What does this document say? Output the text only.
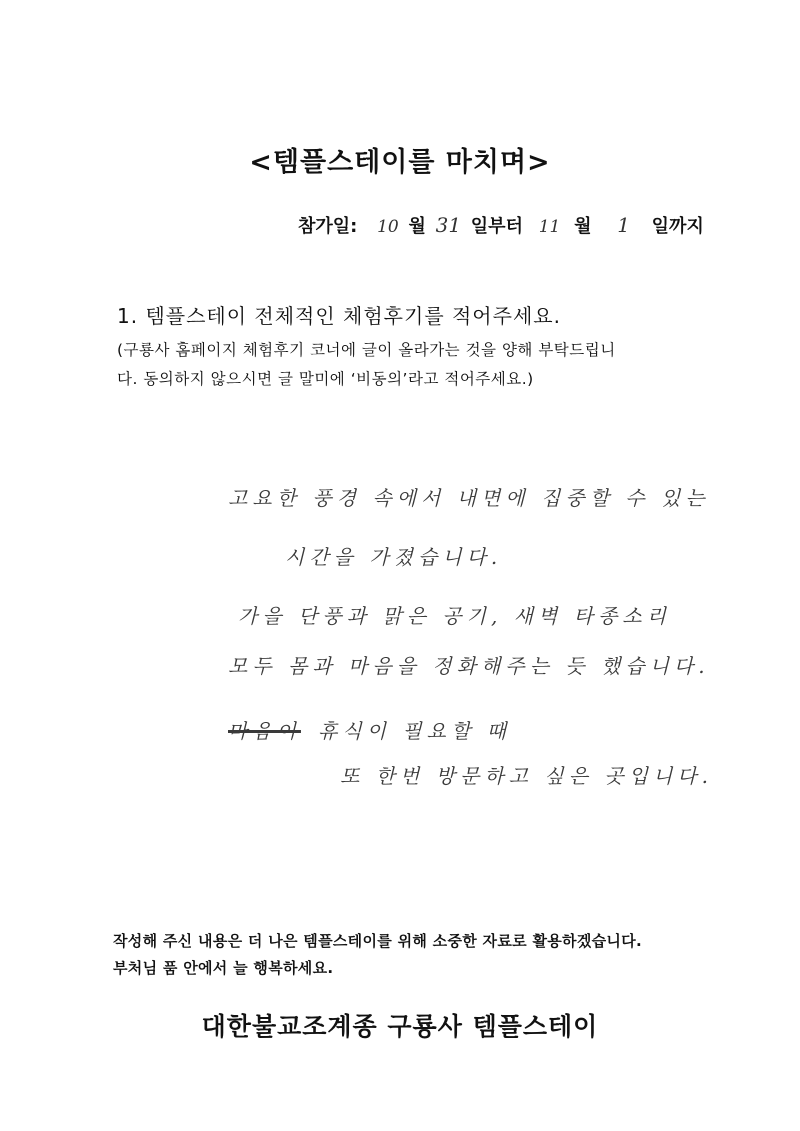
<템플스테이를 마치며>
참가일: 10 월 31 일부터 11 월 1 일까지
1. 템플스테이 전체적인 체험후기를 적어주세요.
(구룡사 홈페이지 체험후기 코너에 글이 올라가는 것을 양해 부탁드립니
다. 동의하지 않으시면 글 말미에 ‘비동의’라고 적어주세요.)
고요한 풍경 속에서 내면에 집중할 수 있는
시간을 가졌습니다.
가을 단풍과 맑은 공기, 새벽 타종소리
모두 몸과 마음을 정화해주는 듯 했습니다.
마음이 휴식이 필요할 때
또 한번 방문하고 싶은 곳입니다.
작성해 주신 내용은 더 나은 템플스테이를 위해 소중한 자료로 활용하겠습니다.
부처님 품 안에서 늘 행복하세요.
대한불교조계종 구룡사 템플스테이
